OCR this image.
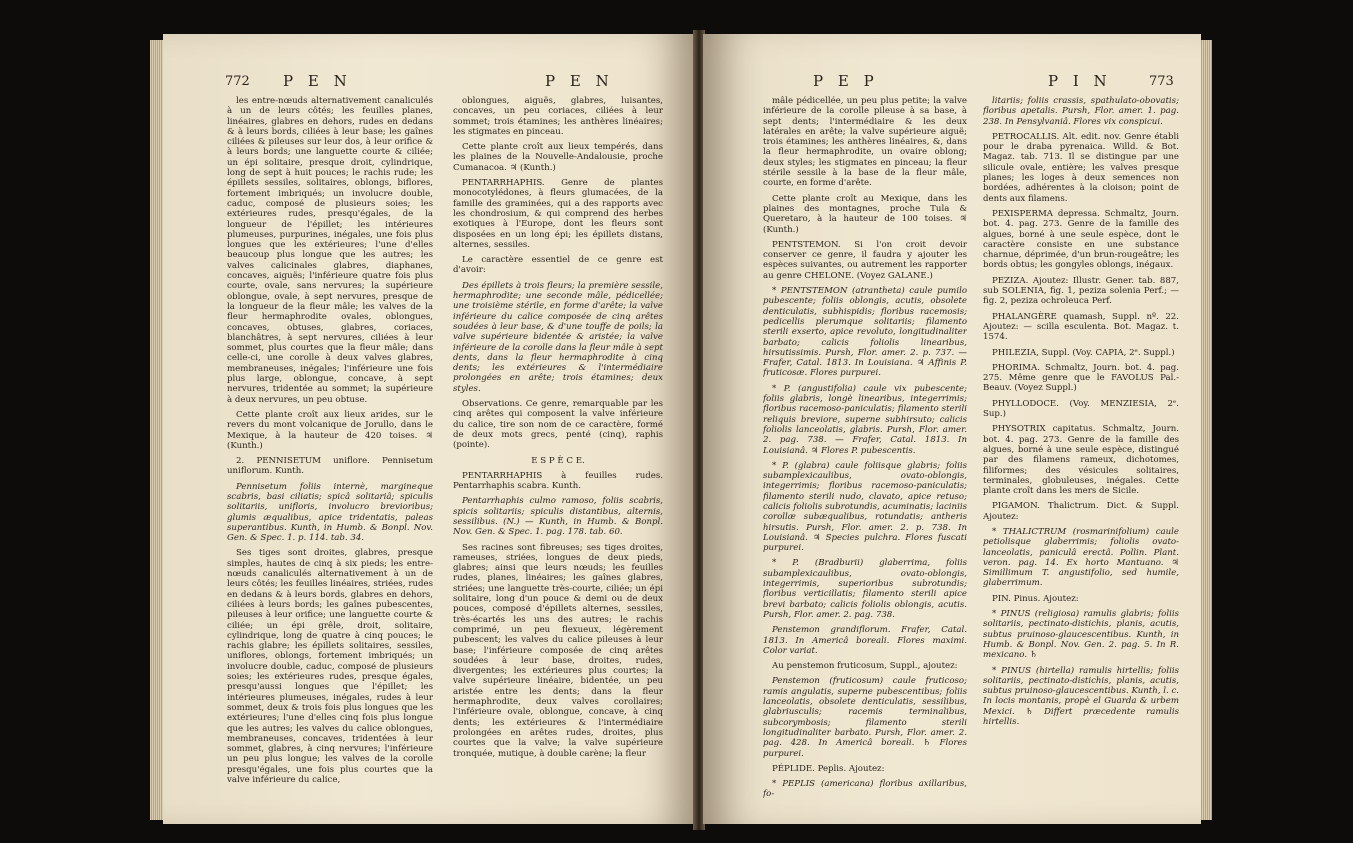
772 P E N	P E N

les entre-nœuds alternativement canaliculés à un de leurs côtés; les feuilles planes, linéaires, glabres en dehors, rudes en dedans & à leurs bords, ciliées à leur base; les gaînes ciliées & pileuses sur leur dos, à leur orifice & à leurs bords; une languette courte & ciliée; un épi solitaire, presque droit, cylindrique, long de sept à huit pouces; le rachis rude; les épillets sessiles, solitaires, oblongs, biflores, fortement imbriqués; un involucre double, caduc, composé de plusieurs soies; les extérieures rudes, presqu'égales, de la longueur de l'épillet; les intérieures plumeuses, purpurines, inégales, une fois plus longues que les extérieures; l'une d'elles beaucoup plus longue que les autres; les valves calicinales glabres, diaphanes, concaves, aiguës; l'inférieure quatre fois plus courte, ovale, sans nervures; la supérieure oblongue, ovale, à sept nervures, presque de la longueur de la fleur mâle; les valves de la fleur hermaphrodite ovales, oblongues, concaves, obtuses, glabres, coriaces, blanchâtres, à sept nervures, ciliées à leur sommet, plus courtes que la fleur mâle; dans celle-ci, une corolle à deux valves glabres, membraneuses, inégales; l'inférieure une fois plus large, oblongue, concave, à sept nervures, tridentée au sommet; la supérieure à deux nervures, un peu obtuse.

Cette plante croît aux lieux arides, sur le revers du mont volcanique de Jorullo, dans le Mexique, à la hauteur de 420 toises. ♃ (Kunth.)

2. PENNISETUM uniflore. Pennisetum uniflorum. Kunth.

Pennisetum foliis internè, margineque scabris, basi ciliatis; spicâ solitariâ; spiculis solitariis, unifloris, involucro brevioribus; glumis æqualibus, apice tridentatis, paleas superantibus. Kunth, in Humb. & Bonpl. Nov. Gen. & Spec. 1. p. 114. tab. 34.

Ses tiges sont droites, glabres, presque simples, hautes de cinq à six pieds; les entre-nœuds canaliculés alternativement à un de leurs côtés; les feuilles linéaires, striées, rudes en dedans & à leurs bords, glabres en dehors, ciliées à leurs bords; les gaînes pubescentes, pileuses à leur orifice; une languette courte & ciliée; un épi grêle, droit, solitaire, cylindrique, long de quatre à cinq pouces; le rachis glabre; les épillets solitaires, sessiles, uniflores, oblongs, fortement imbriqués; un involucre double, caduc, composé de plusieurs soies; les extérieures rudes, presque égales, presqu'aussi longues que l'épillet; les intérieures plumeuses, inégales, rudes à leur sommet, deux & trois fois plus longues que les extérieures; l'une d'elles cinq fois plus longue que les autres; les valves du calice oblongues, membraneuses, concaves, tridentées à leur sommet, glabres, à cinq nervures; l'inférieure un peu plus longue; les valves de la corolle presqu'égales, une fois plus courtes que la valve inférieure du calice,

oblongues, aiguës, glabres, luisantes, concaves, un peu coriaces, ciliées à leur sommet; trois étamines; les anthères linéaires; les stigmates en pinceau.

Cette plante croît aux lieux tempérés, dans les plaines de la Nouvelle-Andalousie, proche Cumanacoa. ♃ (Kunth.)

PENTARRHAPHIS. Genre de plantes monocotylédones, à fleurs glumacées, de la famille des graminées, qui a des rapports avec les chondrosium, & qui comprend des herbes exotiques à l'Europe, dont les fleurs sont disposées en un long épi; les épillets distans, alternes, sessiles.

Le caractère essentiel de ce genre est d'avoir:

Des épillets à trois fleurs; la première sessile, hermaphrodite; une seconde mâle, pédicellée; une troisième stérile, en forme d'arête; la valve inférieure du calice composée de cinq arêtes soudées à leur base, & d'une touffe de poils; la valve supérieure bidentée & aristée; la valve inférieure de la corolle dans la fleur mâle à sept dents, dans la fleur hermaphrodite à cinq dents; les extérieures & l'intermédiaire prolongées en arête; trois étamines; deux styles.

Observations. Ce genre, remarquable par les cinq arêtes qui composent la valve inférieure du calice, tire son nom de ce caractère, formé de deux mots grecs, penté (cinq), raphis (pointe).

E S P È C E.

PENTARRHAPHIS à feuilles rudes. Pentarrhaphis scabra. Kunth.

Pentarrhaphis culmo ramoso, foliis scabris, spicis solitariis; spiculis distantibus, alternis, sessilibus. (N.) — Kunth, in Humb. & Bonpl. Nov. Gen. & Spec. 1. pag. 178. tab. 60.

Ses racines sont fibreuses; ses tiges droites, rameuses, striées, longues de deux pieds, glabres; ainsi que leurs nœuds; les feuilles rudes, planes, linéaires; les gaînes glabres, striées; une languette très-courte, ciliée; un épi solitaire, long d'un pouce & demi ou de deux pouces, composé d'épillets alternes, sessiles, très-écartés les uns des autres; le rachis comprimé, un peu flexueux, légèrement pubescent; les valves du calice pileuses à leur base; l'inférieure composée de cinq arêtes soudées à leur base, droites, rudes, divergentes; les extérieures plus courtes; la valve supérieure linéaire, bidentée, un peu aristée entre les dents; dans la fleur hermaphrodite, deux valves corollaires; l'inférieure ovale, oblongue, concave, à cinq dents; les extérieures & l'intermédiaire prolongées en arêtes rudes, droites, plus courtes que la valve; la valve supérieure tronquée, mutique, à double carène; la fleur

P E P	P I N	773

mâle pédicellée, un peu plus petite; la valve inférieure de la corolle pileuse à sa base, à sept dents; l'intermédiaire & les deux latérales en arête; la valve supérieure aiguë; trois étamines; les anthères linéaires, &, dans la fleur hermaphrodite, un ovaire oblong; deux styles; les stigmates en pinceau; la fleur stérile sessile à la base de la fleur mâle, courte, en forme d'arête.

Cette plante croît au Mexique, dans les plaines des montagnes, proche Tula & Queretaro, à la hauteur de 100 toises. ♃ (Kunth.)

PENTSTEMON. Si l'on croit devoir conserver ce genre, il faudra y ajouter les espèces suivantes, ou autrement les rapporter au genre CHELONE. (Voyez GALANE.)

* PENTSTEMON (atrantheta) caule pumilo pubescente; foliis oblongis, acutis, obsolete denticulatis, subhispidis; floribus racemosis; pedicellis plerumque solitariis; filamento sterili exserto, apice revoluto, longitudinaliter barbato; calicis foliolis linearibus, hirsutissimis. Pursh, Flor. amer. 2. p. 737. — Frafer, Catal. 1813. In Louisiana. ♃ Affinis P. fruticosæ. Flores purpurei.

* P. (angustifolia) caule vix pubescente; foliis glabris, longè linearibus, integerrimis; floribus racemoso-paniculatis; filamento sterili reliquis breviore, superne subhirsuto; calicis foliolis lanceolatis, glabris. Pursh, Flor. amer. 2. pag. 738. — Frafer, Catal. 1813. In Louisianâ. ♃ Flores P. pubescentis.

* P. (glabra) caule foliisque glabris; foliis subamplexicaulibus, ovato-oblongis, integerrimis; floribus racemoso-paniculatis; filamento sterili nudo, clavato, apice retuso; calicis foliolis subrotundis, acuminatis; laciniis corollæ subæqualibus, rotundatis; antheris hirsutis. Pursh, Flor. amer. 2. p. 738. In Louisianâ. ♃ Species pulchra. Flores fuscati purpurei.

* P. (Bradburii) glaberrima, foliis subamplexicaulibus, ovato-oblongis, integerrimis, superioribus subrotundis; floribus verticillatis; filamento sterili apice brevi barbato; calicis foliolis oblongis, acutis. Pursh, Flor. amer. 2. pag. 738.

Penstemon grandiflorum. Frafer, Catal. 1813. In Americâ boreali. Flores maximi. Color variat.

Au penstemon fruticosum, Suppl., ajoutez:

Penstemon (fruticosum) caule fruticoso; ramis angulatis, superne pubescentibus; foliis lanceolatis, obsolete denticulatis, sessilibus, glabriusculis; racemis terminalibus, subcorymbosis; filamento sterili longitudinaliter barbato. Pursh, Flor. amer. 2. pag. 428. In Americâ boreali. ♄ Flores purpurei.

PÉPLIDE. Peplis. Ajoutez:

* PEPLIS (americana) floribus axillaribus, fo-

litariis; foliis crassis, spathulato-obovatis; floribus apetalis. Pursh, Flor. amer. 1. pag. 238. In Pensylvaniâ. Flores vix conspicui.

PETROCALLIS. Alt. edit. nov. Genre établi pour le draba pyrenaica. Willd. & Bot. Magaz. tab. 713. Il se distingue par une silicule ovale, entière; les valves presque planes; les loges à deux semences non bordées, adhérentes à la cloison; point de dents aux filamens.

PEXISPERMA depressa. Schmaltz, Journ. bot. 4. pag. 273. Genre de la famille des algues, borné à une seule espèce, dont le caractère consiste en une substance charnue, déprimée, d'un brun-rougeâtre; les bords obtus; les gongyles oblongs, inégaux.

PEZIZA. Ajoutez: Illustr. Gener. tab. 887, sub SOLENIA, fig. 1, peziza solenia Perf.; — fig. 2, peziza ochroleuca Perf.

PHALANGÈRE quamash, Suppl. nº. 22. Ajoutez: — scilla esculenta. Bot. Magaz. t. 1574.

PHILEZIA, Suppl. (Voy. CAPIA, 2ᵉ. Suppl.)

PHORIMA. Schmaltz, Journ. bot. 4. pag. 275. Même genre que le FAVOLUS Pal.-Beauv. (Voyez Suppl.)

PHYLLODOCE. (Voy. MENZIESIA, 2ᵉ. Sup.)

PHYSOTRIX capitatus. Schmaltz, Journ. bot. 4. pag. 273. Genre de la famille des algues, borné à une seule espèce, distingué par des filamens rameux, dichotomes, filiformes; des vésicules solitaires, terminales, globuleuses, inégales. Cette plante croît dans les mers de Sicile.

PIGAMON. Thalictrum. Dict. & Suppl. Ajoutez:

* THALICTRUM (rosmarinifolium) caule petiolisque glaberrimis; foliolis ovato-lanceolatis, paniculâ erectâ. Pollin. Plant. veron. pag. 14. Ex horto Mantuano. ♃ Simillimum T. angustifolio, sed humile, glaberrimum.

PIN. Pinus. Ajoutez:

* PINUS (religiosa) ramulis glabris; foliis solitariis, pectinato-distichis, planis, acutis, subtus pruinoso-glaucescentibus. Kunth, in Humb. & Bonpl. Nov. Gen. 2. pag. 5. In R. mexicano. ♄

* PINUS (hirtella) ramulis hirtellis; foliis solitariis, pectinato-distichis, planis, acutis, subtus pruinoso-glaucescentibus. Kunth, l. c. In locis montanis, propè el Guarda & urbem Mexici. ♄ Differt præcedente ramulis hirtellis.
